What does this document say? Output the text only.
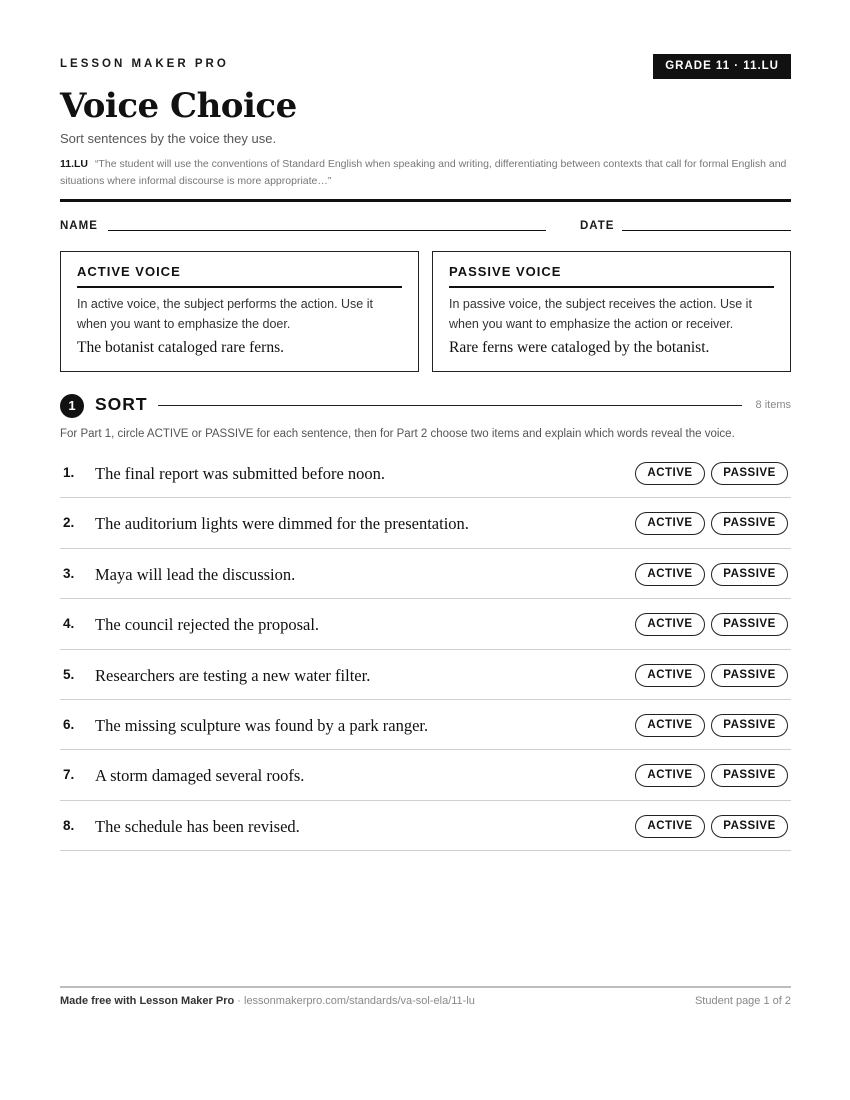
LESSON MAKER PRO	GRADE 11 · 11.LU
Voice Choice
Sort sentences by the voice they use.
11.LU “The student will use the conventions of Standard English when speaking and writing, differentiating between contexts that call for formal English and situations where informal discourse is more appropriate…”
NAME	DATE
ACTIVE VOICE
In active voice, the subject performs the action. Use it when you want to emphasize the doer.
The botanist cataloged rare ferns.
PASSIVE VOICE
In passive voice, the subject receives the action. Use it when you want to emphasize the action or receiver.
Rare ferns were cataloged by the botanist.
1	SORT	8 items
For Part 1, circle ACTIVE or PASSIVE for each sentence, then for Part 2 choose two items and explain which words reveal the voice.
1. The final report was submitted before noon.	ACTIVE	PASSIVE
2. The auditorium lights were dimmed for the presentation.	ACTIVE	PASSIVE
3. Maya will lead the discussion.	ACTIVE	PASSIVE
4. The council rejected the proposal.	ACTIVE	PASSIVE
5. Researchers are testing a new water filter.	ACTIVE	PASSIVE
6. The missing sculpture was found by a park ranger.	ACTIVE	PASSIVE
7. A storm damaged several roofs.	ACTIVE	PASSIVE
8. The schedule has been revised.	ACTIVE	PASSIVE
Made free with Lesson Maker Pro · lessonmakerpro.com/standards/va-sol-ela/11-lu	Student page 1 of 2
